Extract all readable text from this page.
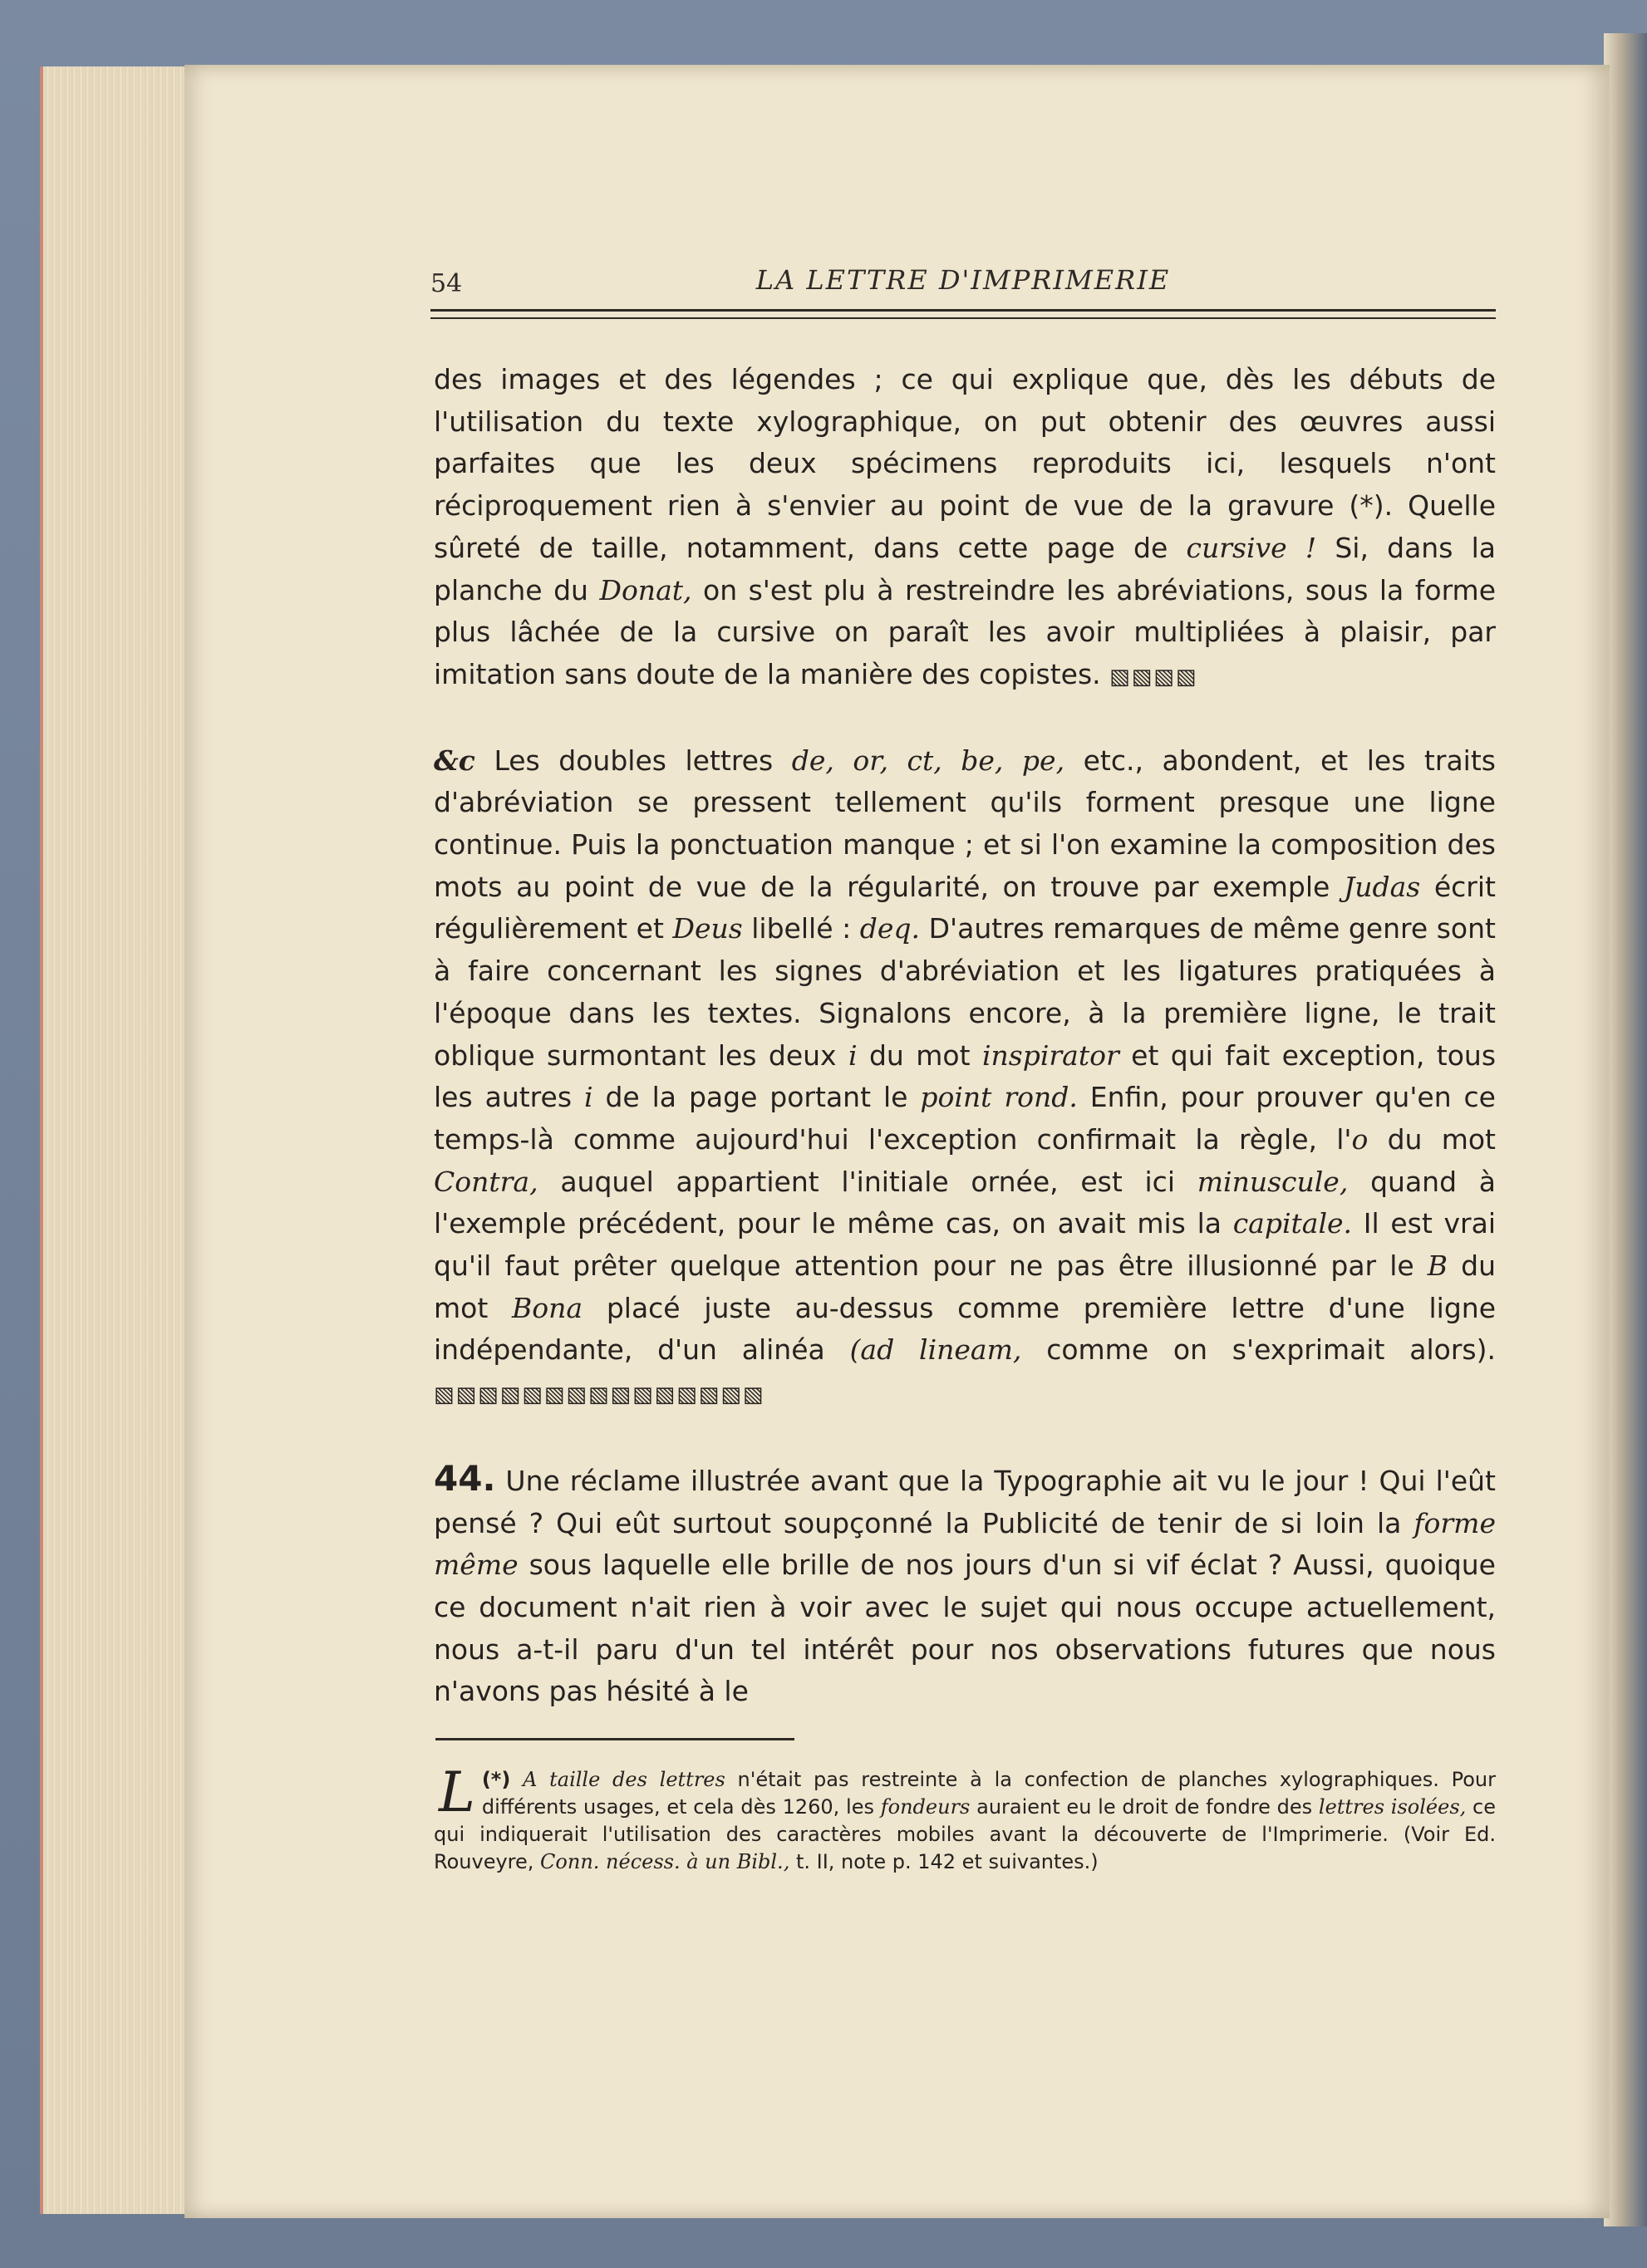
54	LA LETTRE D'IMPRIMERIE

des images et des légendes ; ce qui explique que, dès les débuts de l'utilisation du texte xylographique, on put obtenir des œuvres aussi parfaites que les deux spécimens reproduits ici, lesquels n'ont réciproquement rien à s'envier au point de vue de la gravure (*). Quelle sûreté de taille, notamment, dans cette page de cursive ! Si, dans la planche du Donat, on s'est plu à restreindre les abréviations, sous la forme plus lâchée de la cursive on paraît les avoir multipliées à plaisir, par imitation sans doute de la manière des copistes. ▧▧▧▧

&c Les doubles lettres de, or, ct, be, pe, etc., abondent, et les traits d'abréviation se pressent tellement qu'ils forment presque une ligne continue. Puis la ponctuation manque ; et si l'on examine la composition des mots au point de vue de la régularité, on trouve par exemple Judas écrit régulièrement et Deus libellé : deq. D'autres remarques de même genre sont à faire concernant les signes d'abréviation et les ligatures pratiquées à l'époque dans les textes. Signalons encore, à la première ligne, le trait oblique surmontant les deux i du mot inspirator et qui fait exception, tous les autres i de la page portant le point rond. Enfin, pour prouver qu'en ce temps-là comme aujourd'hui l'exception confirmait la règle, l'o du mot Contra, auquel appartient l'initiale ornée, est ici minuscule, quand à l'exemple précédent, pour le même cas, on avait mis la capitale. Il est vrai qu'il faut prêter quelque attention pour ne pas être illusionné par le B du mot Bona placé juste au-dessus comme première lettre d'une ligne indépendante, d'un alinéa (ad lineam, comme on s'exprimait alors). ▧▧▧▧▧▧▧▧▧▧▧▧▧▧▧

44. Une réclame illustrée avant que la Typographie ait vu le jour ! Qui l'eût pensé ? Qui eût surtout soupçonné la Publicité de tenir de si loin la forme même sous laquelle elle brille de nos jours d'un si vif éclat ? Aussi, quoique ce document n'ait rien à voir avec le sujet qui nous occupe actuellement, nous a-t-il paru d'un tel intérêt pour nos observations futures que nous n'avons pas hésité à le

(*)
L A taille des lettres n'était pas restreinte à la confection de planches xylographiques. Pour différents usages, et cela dès 1260, les fondeurs auraient eu le droit de fondre des lettres isolées, ce qui indiquerait l'utilisation des caractères mobiles avant la découverte de l'Imprimerie. (Voir Ed. Rouveyre, Conn. nécess. à un Bibl., t. II, note p. 142 et suivantes.)
